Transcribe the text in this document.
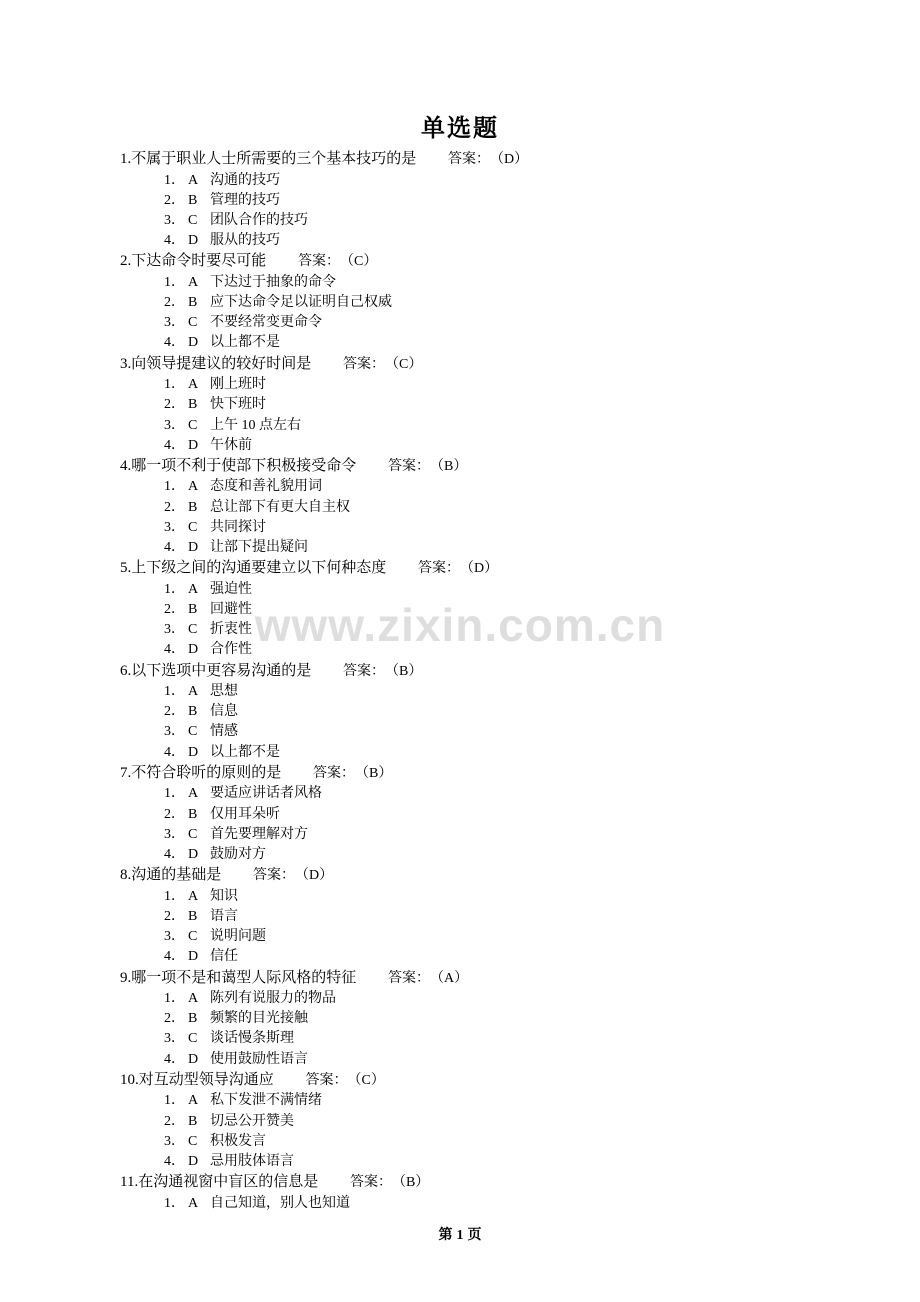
www.zixin.com.cn
单选题
1.不属于职业人士所需要的三个基本技巧的是 答案：（D）
1． A 沟通的技巧
2． B 管理的技巧
3． C 团队合作的技巧
4． D 服从的技巧
2.下达命令时要尽可能 答案：（C）
1． A 下达过于抽象的命令
2． B 应下达命令足以证明自己权威
3． C 不要经常变更命令
4． D 以上都不是
3.向领导提建议的较好时间是 答案：（C）
1． A 刚上班时
2． B 快下班时
3． C 上午 10 点左右
4． D 午休前
4.哪一项不利于使部下积极接受命令 答案：（B）
1． A 态度和善礼貌用词
2． B 总让部下有更大自主权
3． C 共同探讨
4． D 让部下提出疑问
5.上下级之间的沟通要建立以下何种态度 答案：（D）
1． A 强迫性
2． B 回避性
3． C 折衷性
4． D 合作性
6.以下选项中更容易沟通的是 答案：（B）
1． A 思想
2． B 信息
3． C 情感
4． D 以上都不是
7.不符合聆听的原则的是 答案：（B）
1． A 要适应讲话者风格
2． B 仅用耳朵听
3． C 首先要理解对方
4． D 鼓励对方
8.沟通的基础是 答案：（D）
1． A 知识
2． B 语言
3． C 说明问题
4． D 信任
9.哪一项不是和蔼型人际风格的特征 答案：（A）
1． A 陈列有说服力的物品
2． B 频繁的目光接触
3． C 谈话慢条斯理
4． D 使用鼓励性语言
10.对互动型领导沟通应 答案：（C）
1． A 私下发泄不满情绪
2． B 切忌公开赞美
3． C 积极发言
4． D 忌用肢体语言
11.在沟通视窗中盲区的信息是 答案：（B）
1． A 自己知道，别人也知道
第 1 页
